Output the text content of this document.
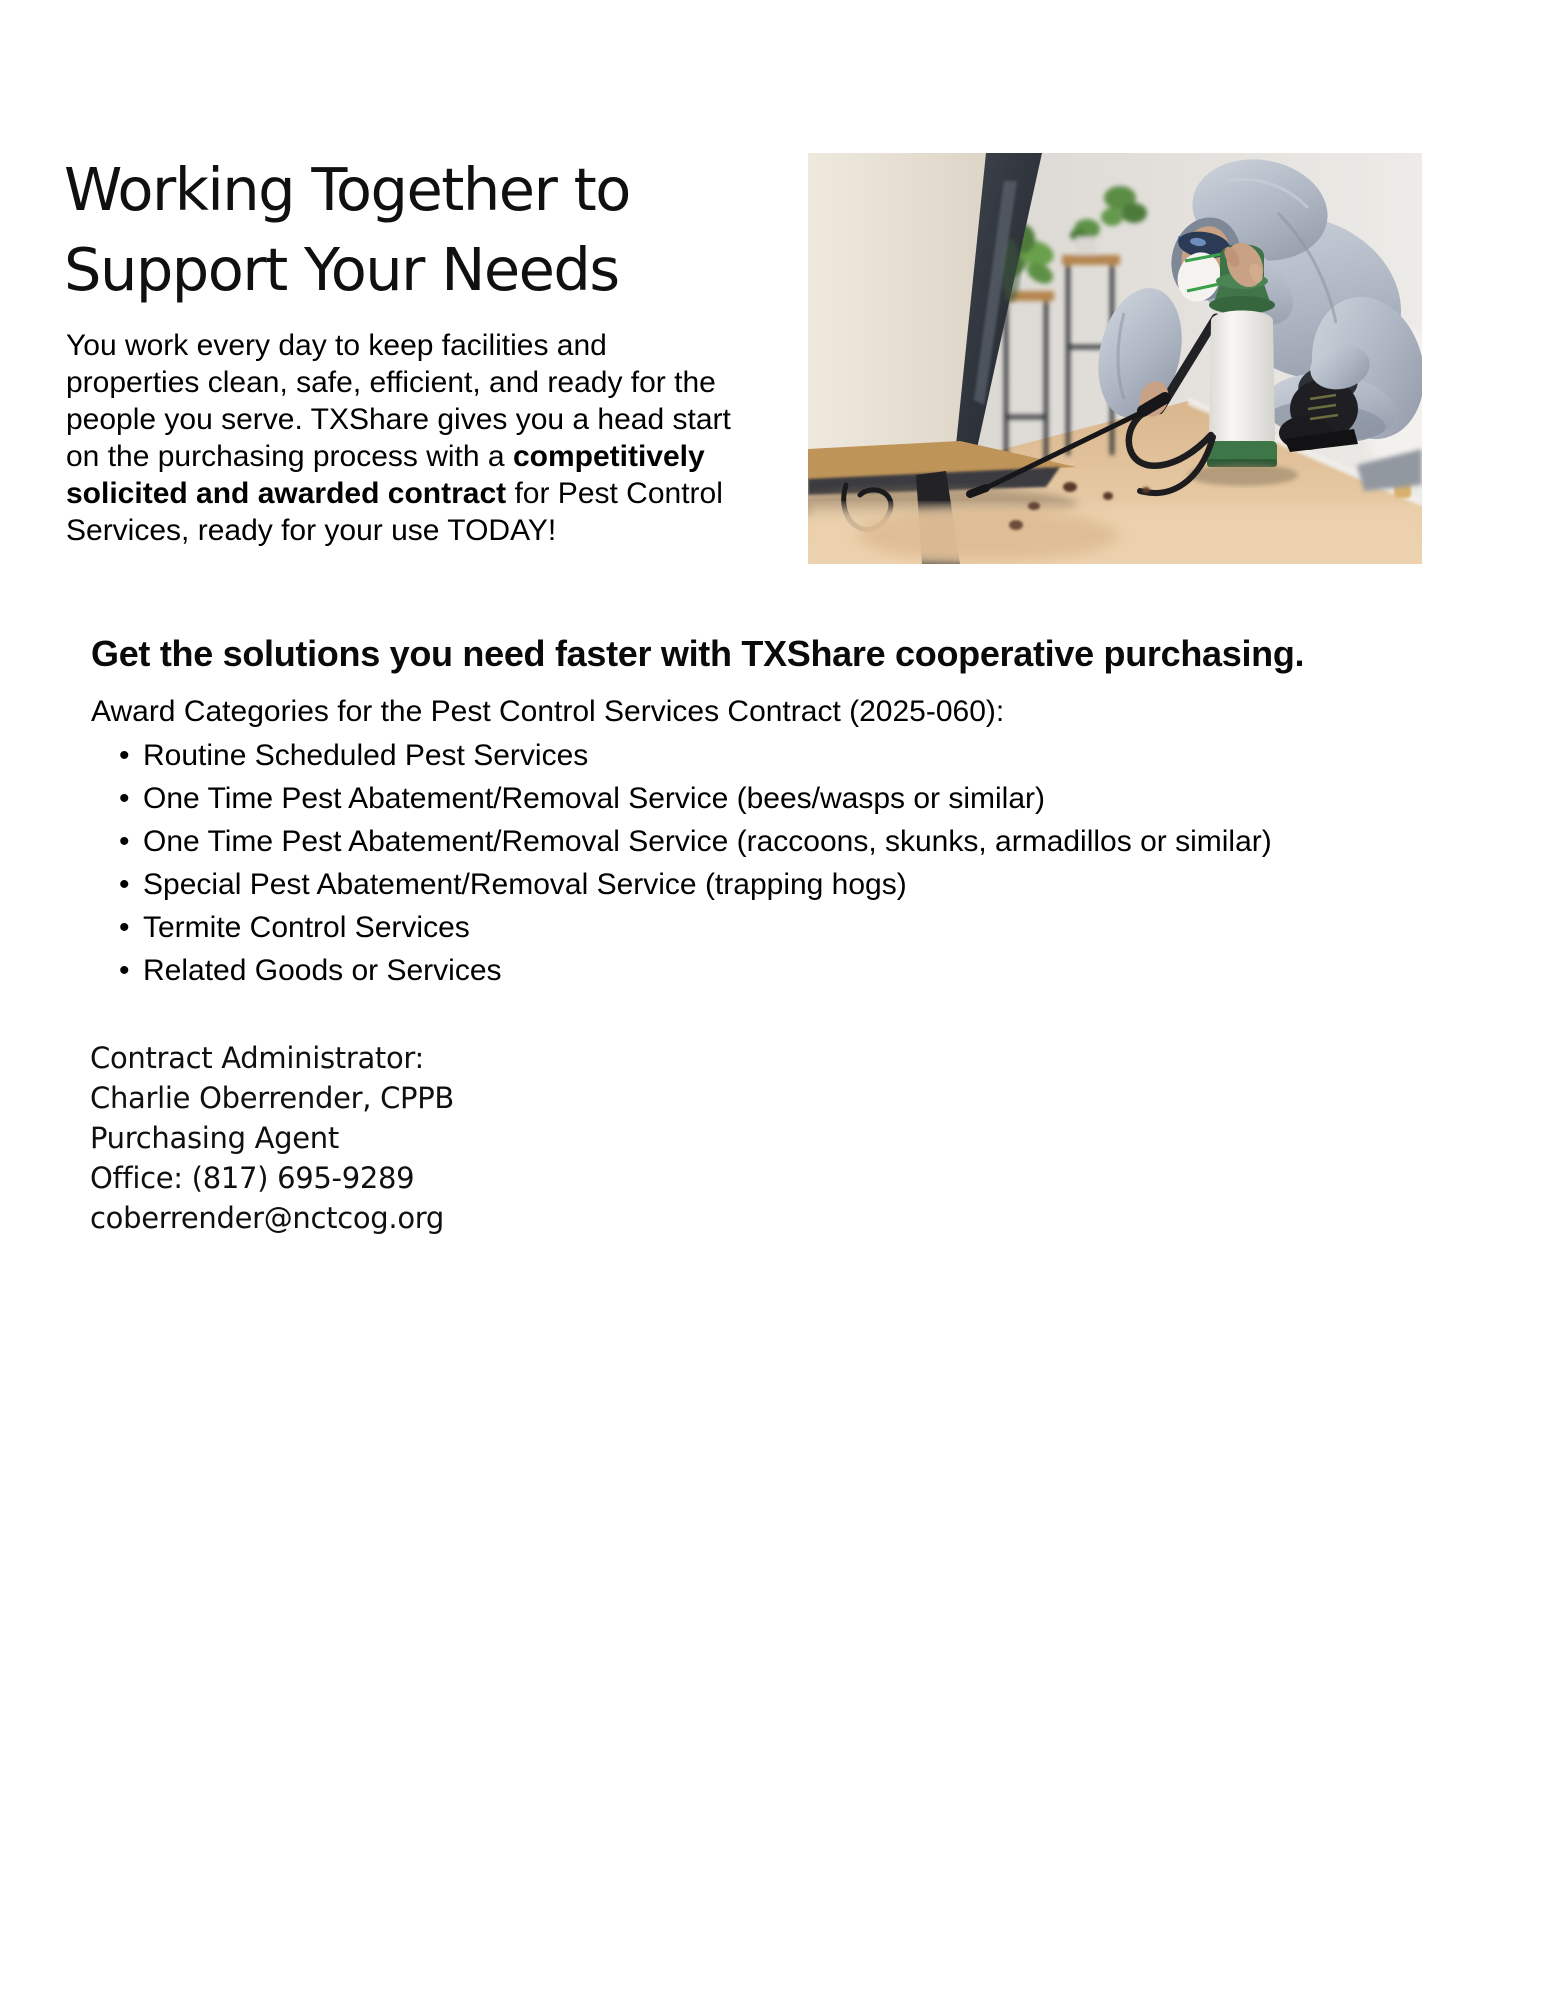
Working Together to
Support Your Needs

You work every day to keep facilities and properties clean, safe, efficient, and ready for the people you serve. TXShare gives you a head start on the purchasing process with a competitively solicited and awarded contract for Pest Control Services, ready for your use TODAY!

Get the solutions you need faster with TXShare cooperative purchasing.

Award Categories for the Pest Control Services Contract (2025-060):

• Routine Scheduled Pest Services
• One Time Pest Abatement/Removal Service (bees/wasps or similar)
• One Time Pest Abatement/Removal Service (raccoons, skunks, armadillos or similar)
• Special Pest Abatement/Removal Service (trapping hogs)
• Termite Control Services
• Related Goods or Services
Contract Administrator:
Charlie Oberrender, CPPB
Purchasing Agent
Office: (817) 695-9289
coberrender@nctcog.org
